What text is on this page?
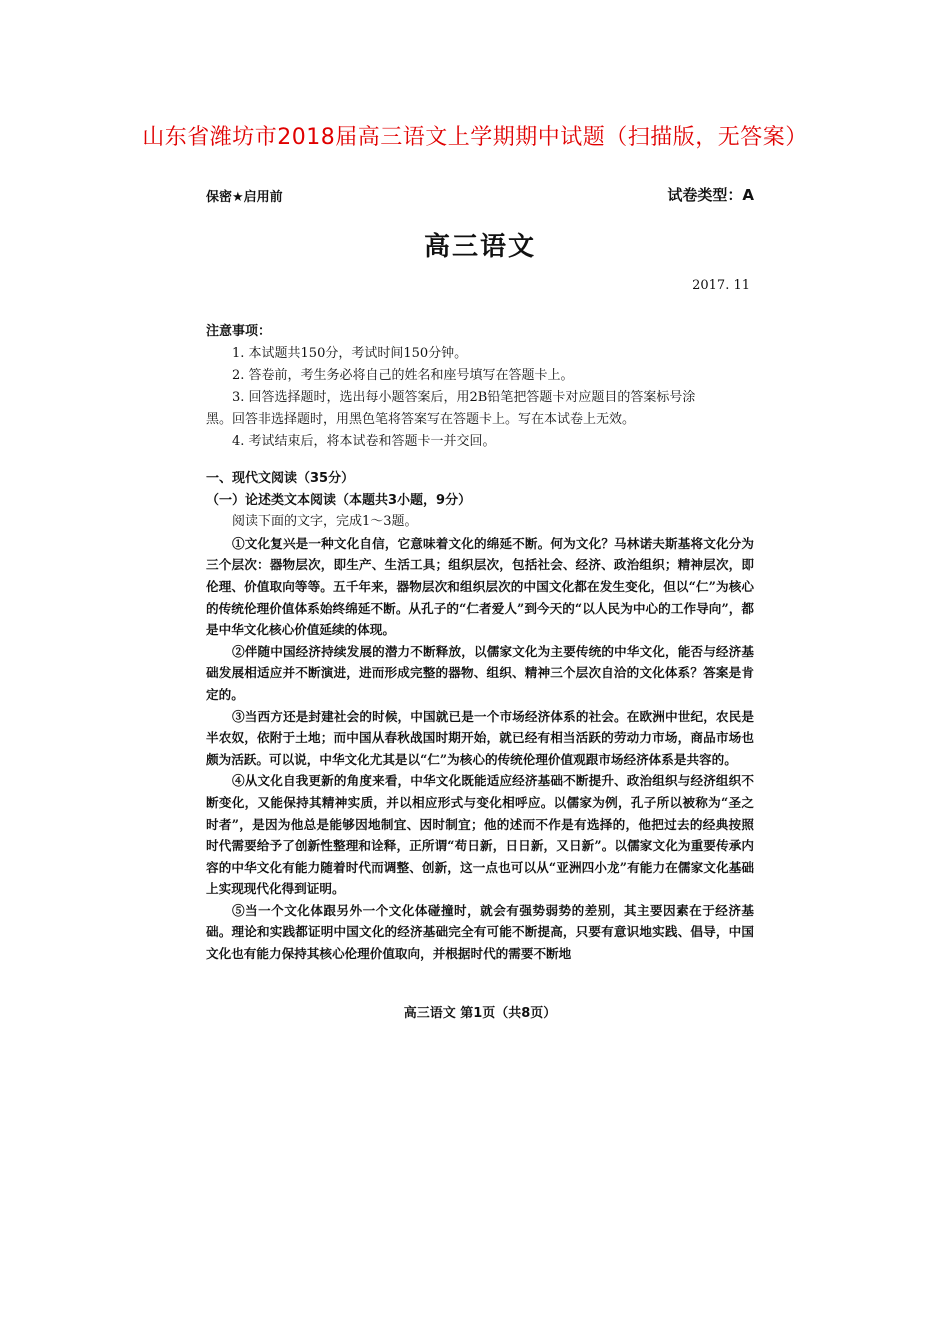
山东省潍坊市2018届高三语文上学期期中试题（扫描版，无答案）
保密★启用前	试卷类型：A
高三语文
2017. 11

注意事项：

1. 本试题共150分，考试时间150分钟。

2. 答卷前，考生务必将自己的姓名和座号填写在答题卡上。

3. 回答选择题时，选出每小题答案后，用2B铅笔把答题卡对应题目的答案标号涂

黑。回答非选择题时，用黑色笔将答案写在答题卡上。写在本试卷上无效。

4. 考试结束后，将本试卷和答题卡一并交回。

一、现代文阅读（35分）

（一）论述类文本阅读（本题共3小题，9分）

阅读下面的文字，完成1～3题。

①文化复兴是一种文化自信，它意味着文化的绵延不断。何为文化？马林诺夫斯基将文化分为三个层次：器物层次，即生产、生活工具；组织层次，包括社会、经济、政治组织；精神层次，即伦理、价值取向等等。五千年来，器物层次和组织层次的中国文化都在发生变化，但以“仁”为核心的传统伦理价值体系始终绵延不断。从孔子的“仁者爱人”到今天的“以人民为中心的工作导向”，都是中华文化核心价值延续的体现。

②伴随中国经济持续发展的潜力不断释放，以儒家文化为主要传统的中华文化，能否与经济基础发展相适应并不断演进，进而形成完整的器物、组织、精神三个层次自洽的文化体系？答案是肯定的。

③当西方还是封建社会的时候，中国就已是一个市场经济体系的社会。在欧洲中世纪，农民是半农奴，依附于土地；而中国从春秋战国时期开始，就已经有相当活跃的劳动力市场，商品市场也颇为活跃。可以说，中华文化尤其是以“仁”为核心的传统伦理价值观跟市场经济体系是共容的。

④从文化自我更新的角度来看，中华文化既能适应经济基础不断提升、政治组织与经济组织不断变化，又能保持其精神实质，并以相应形式与变化相呼应。以儒家为例，孔子所以被称为“圣之时者”，是因为他总是能够因地制宜、因时制宜；他的述而不作是有选择的，他把过去的经典按照时代需要给予了创新性整理和诠释，正所谓“苟日新，日日新，又日新”。以儒家文化为重要传承内容的中华文化有能力随着时代而调整、创新，这一点也可以从“亚洲四小龙”有能力在儒家文化基础上实现现代化得到证明。

⑤当一个文化体跟另外一个文化体碰撞时，就会有强势弱势的差别，其主要因素在于经济基础。理论和实践都证明中国文化的经济基础完全有可能不断提高，只要有意识地实践、倡导，中国文化也有能力保持其核心伦理价值取向，并根据时代的需要不断地

高三语文 第1页（共8页）
